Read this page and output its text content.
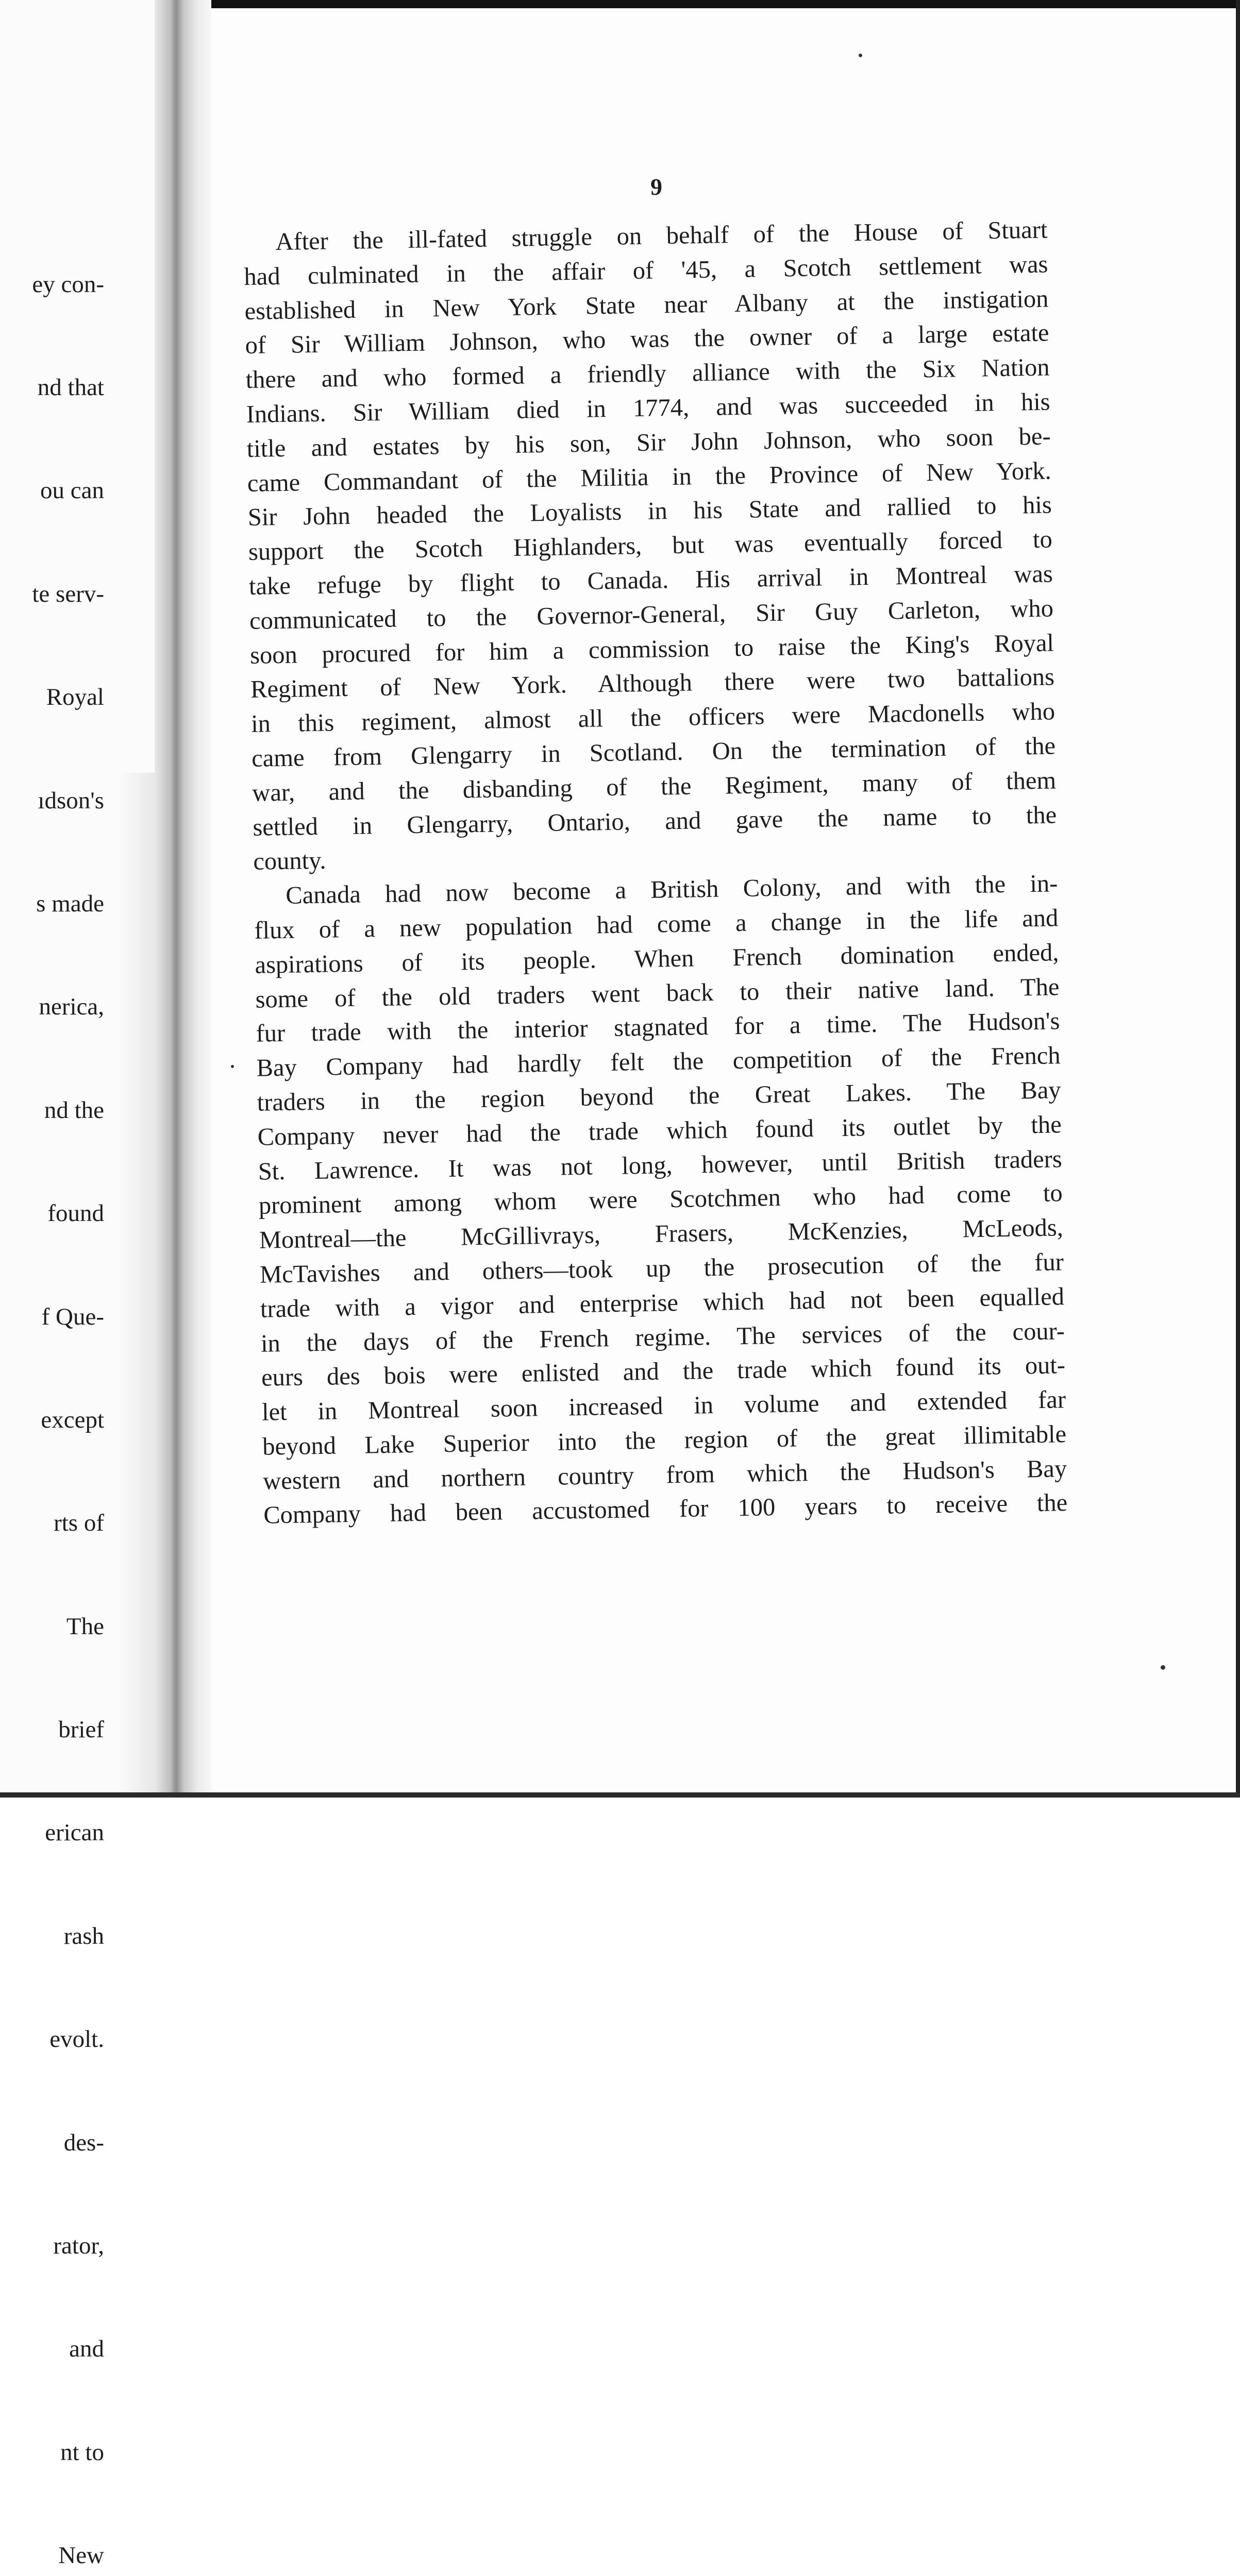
ey con-

nd that

ou can

te serv-

Royal

ıdson's

s made

nerica,

nd the

found

f Que-

except

rts of

The

brief

erican

rash

evolt.

des-

rator,

and

nt to

New

9
After the ill-fated struggle on behalf of the House of Stuart
had culminated in the affair of '45, a Scotch settlement was
established in New York State near Albany at the instigation
of Sir William Johnson, who was the owner of a large estate
there and who formed a friendly alliance with the Six Nation
Indians. Sir William died in 1774, and was succeeded in his
title and estates by his son, Sir John Johnson, who soon be-
came Commandant of the Militia in the Province of New York.
Sir John headed the Loyalists in his State and rallied to his
support the Scotch Highlanders, but was eventually forced to
take refuge by flight to Canada. His arrival in Montreal was
communicated to the Governor-General, Sir Guy Carleton, who
soon procured for him a commission to raise the King's Royal
Regiment of New York. Although there were two battalions
in this regiment, almost all the officers were Macdonells who
came from Glengarry in Scotland. On the termination of the
war, and the disbanding of the Regiment, many of them
settled in Glengarry, Ontario, and gave the name to the
county.
Canada had now become a British Colony, and with the in-
flux of a new population had come a change in the life and
aspirations of its people. When French domination ended,
some of the old traders went back to their native land. The
fur trade with the interior stagnated for a time. The Hudson's
Bay Company had hardly felt the competition of the French
traders in the region beyond the Great Lakes. The Bay
Company never had the trade which found its outlet by the
St. Lawrence. It was not long, however, until British traders
prominent among whom were Scotchmen who had come to
Montreal—the McGillivrays, Frasers, McKenzies, McLeods,
McTavishes and others—took up the prosecution of the fur
trade with a vigor and enterprise which had not been equalled
in the days of the French regime. The services of the cour-
eurs des bois were enlisted and the trade which found its out-
let in Montreal soon increased in volume and extended far
beyond Lake Superior into the region of the great illimitable
western and northern country from which the Hudson's Bay
Company had been accustomed for 100 years to receive the
